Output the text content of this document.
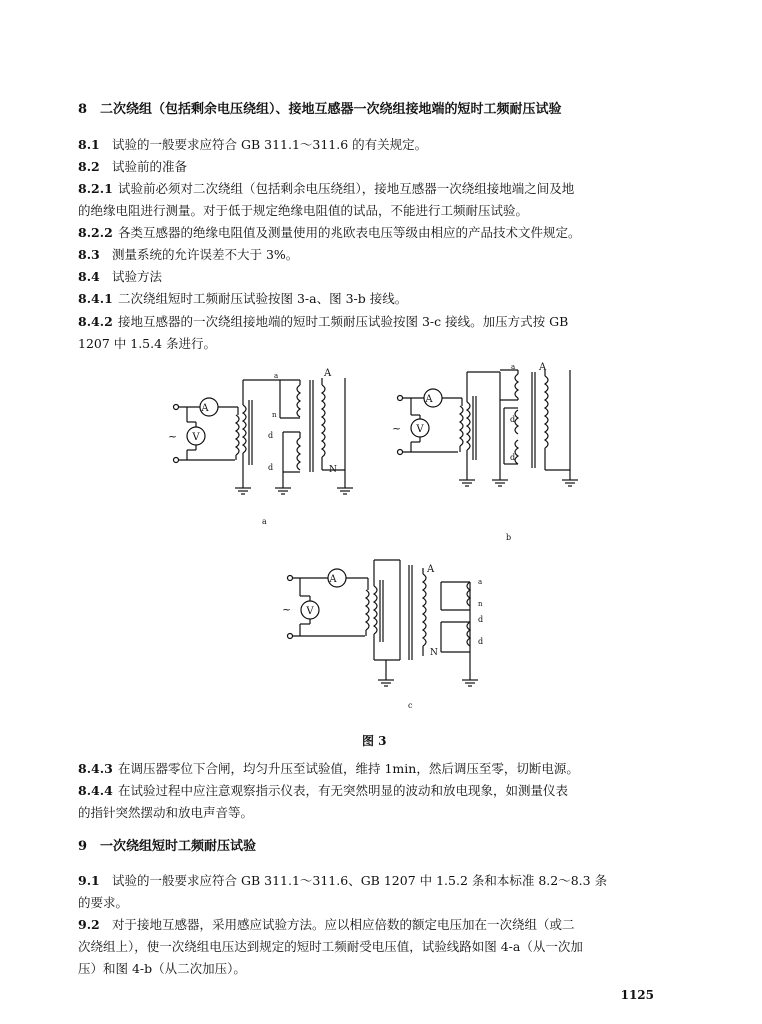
8　二次绕组（包括剩余电压绕组）、接地互感器一次绕组接地端的短时工频耐压试验
8.1 试验的一般要求应符合 GB 311.1～311.6 的有关规定。
8.2 试验前的准备
8.2.1 试验前必须对二次绕组（包括剩余电压绕组），接地互感器一次绕组接地端之间及地
的绝缘电阻进行测量。对于低于规定绝缘电阻值的试品，不能进行工频耐压试验。
8.2.2 各类互感器的绝缘电阻值及测量使用的兆欧表电压等级由相应的产品技术文件规定。
8.3 测量系统的允许误差不大于 3%。
8.4 试验方法
8.4.1 二次绕组短时工频耐压试验按图 3-a、图 3-b 接线。
8.4.2 接地互感器的一次绕组接地端的短时工频耐压试验按图 3-c 接线。加压方式按 GB
1207 中 1.5.4 条进行。
A
V
~
A
N
a
n
d
d
a
A
V
~
A
a
d
d
b
A
V
~
A
N
a
n
d
d
c
图 3
8.4.3 在调压器零位下合闸，均匀升压至试验值，维持 1min，然后调压至零，切断电源。
8.4.4 在试验过程中应注意观察指示仪表，有无突然明显的波动和放电现象，如测量仪表
的指针突然摆动和放电声音等。
9　一次绕组短时工频耐压试验
9.1 试验的一般要求应符合 GB 311.1～311.6、GB 1207 中 1.5.2 条和本标准 8.2～8.3 条
的要求。
9.2 对于接地互感器，采用感应试验方法。应以相应倍数的额定电压加在一次绕组（或二
次绕组上），使一次绕组电压达到规定的短时工频耐受电压值，试验线路如图 4-a（从一次加
压）和图 4-b（从二次加压）。
1125
